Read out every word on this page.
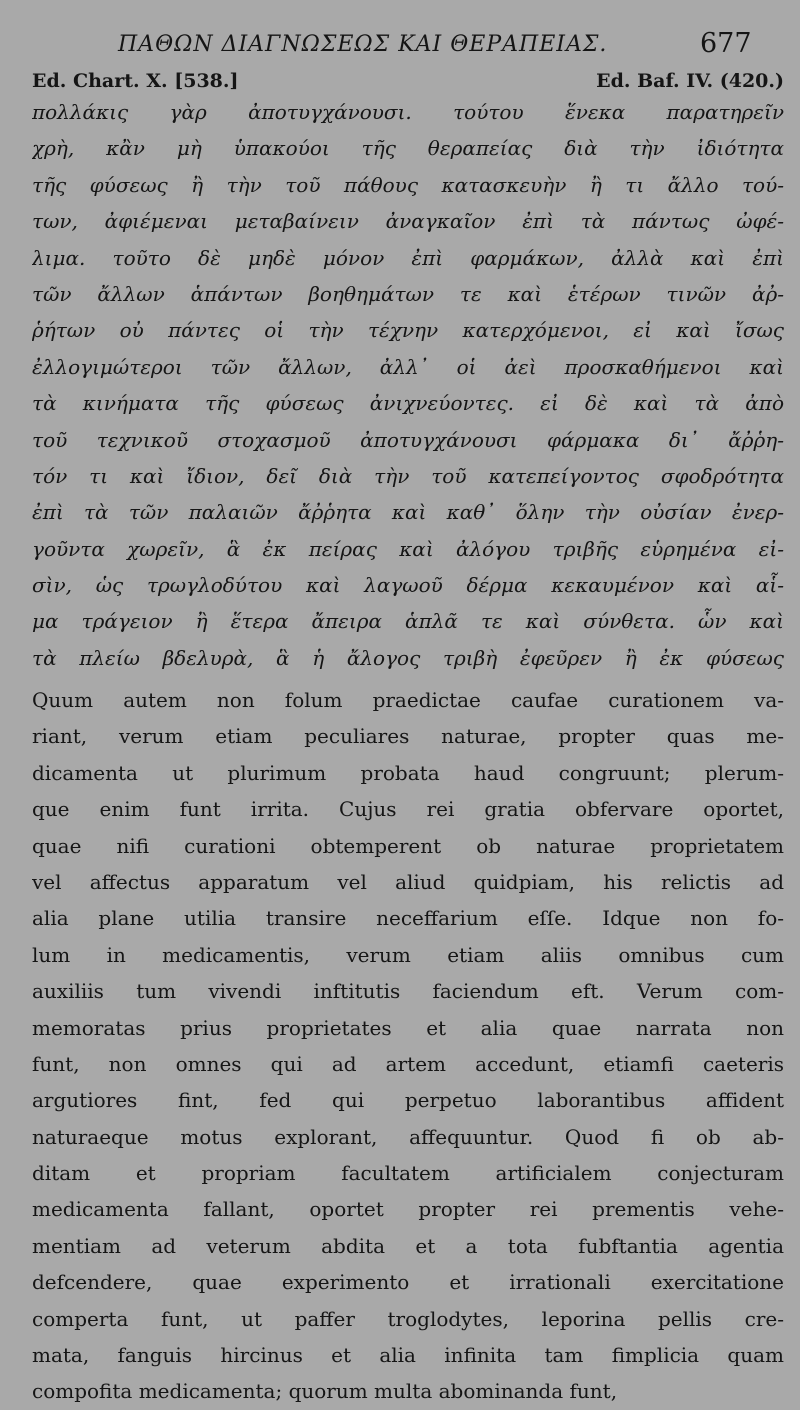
ΠΑΘΩΝ ΔΙΑΓΝΩΣΕΩΣ ΚΑΙ ΘΕΡΑΠΕΙΑΣ.	677
Ed. Chart. X. [538.]	Ed. Baf. IV. (420.)
πολλάκις γὰρ ἀποτυγχάνουσι. τούτου ἕνεκα παρατηρεῖν
χρὴ, κἂν μὴ ὑπακούοι τῆς θεραπείας διὰ τὴν ἰδιότητα
τῆς φύσεως ἢ τὴν τοῦ πάθους κατασκευὴν ἢ τι ἄλλο τού-
των, ἀφιέμεναι μεταβαίνειν ἀναγκαῖον ἐπὶ τὰ πάντως ὠφέ-
λιμα. τοῦτο δὲ μηδὲ μόνον ἐπὶ φαρμάκων, ἀλλὰ καὶ ἐπὶ
τῶν ἄλλων ἁπάντων βοηθημάτων τε καὶ ἑτέρων τινῶν ἀῤ-
ῥήτων οὐ πάντες οἱ τὴν τέχνην κατερχόμενοι, εἰ καὶ ἴσως
ἐλλογιμώτεροι τῶν ἄλλων, ἀλλ᾽ οἱ ἀεὶ προσκαθήμενοι καὶ
τὰ κινήματα τῆς φύσεως ἀνιχνεύοντες. εἰ δὲ καὶ τὰ ἀπὸ
τοῦ τεχνικοῦ στοχασμοῦ ἀποτυγχάνουσι φάρμακα δι᾽ ἄῤῥη-
τόν τι καὶ ἴδιον, δεῖ διὰ τὴν τοῦ κατεπείγοντος σφοδρότητα
ἐπὶ τὰ τῶν παλαιῶν ἄῤῥητα καὶ καθ᾽ ὅλην τὴν οὐσίαν ἐνερ-
γοῦντα χωρεῖν, ἃ ἐκ πείρας καὶ ἀλόγου τριβῆς εὑρημένα εἰ-
σὶν, ὡς τρωγλοδύτου καὶ λαγωοῦ δέρμα κεκαυμένον καὶ αἷ-
μα τράγειον ἢ ἕτερα ἄπειρα ἁπλᾶ τε καὶ σύνθετα. ὧν καὶ
τὰ πλείω βδελυρὰ, ἃ ἡ ἄλογος τριβὴ ἐφεῦρεν ἢ ἐκ φύσεως
Quum autem non folum praedictae caufae curationem va-
riant, verum etiam peculiares naturae, propter quas me-
dicamenta ut plurimum probata haud congruunt; plerum-
que enim funt irrita. Cujus rei gratia obfervare oportet,
quae nifi curationi obtemperent ob naturae proprietatem
vel affectus apparatum vel aliud quidpiam, his relictis ad
alia plane utilia transire neceffarium eſſe. Idque non fo-
lum in medicamentis, verum etiam aliis omnibus cum
auxiliis tum vivendi inftitutis faciendum eft. Verum com-
memoratas prius proprietates et alia quae narrata non
funt, non omnes qui ad artem accedunt, etiamfi caeteris
argutiores fint, fed qui perpetuo laborantibus affident
naturaeque motus explorant, affequuntur. Quod fi ob ab-
ditam et propriam facultatem artificialem conjecturam
medicamenta fallant, oportet propter rei prementis vehe-
mentiam ad veterum abdita et a tota fubftantia agentia
defcendere, quae experimento et irrationali exercitatione
comperta funt, ut paffer troglodytes, leporina pellis cre-
mata, fanguis hircinus et alia infinita tam fimplicia quam
compofita medicamenta; quorum multa abominanda funt,
